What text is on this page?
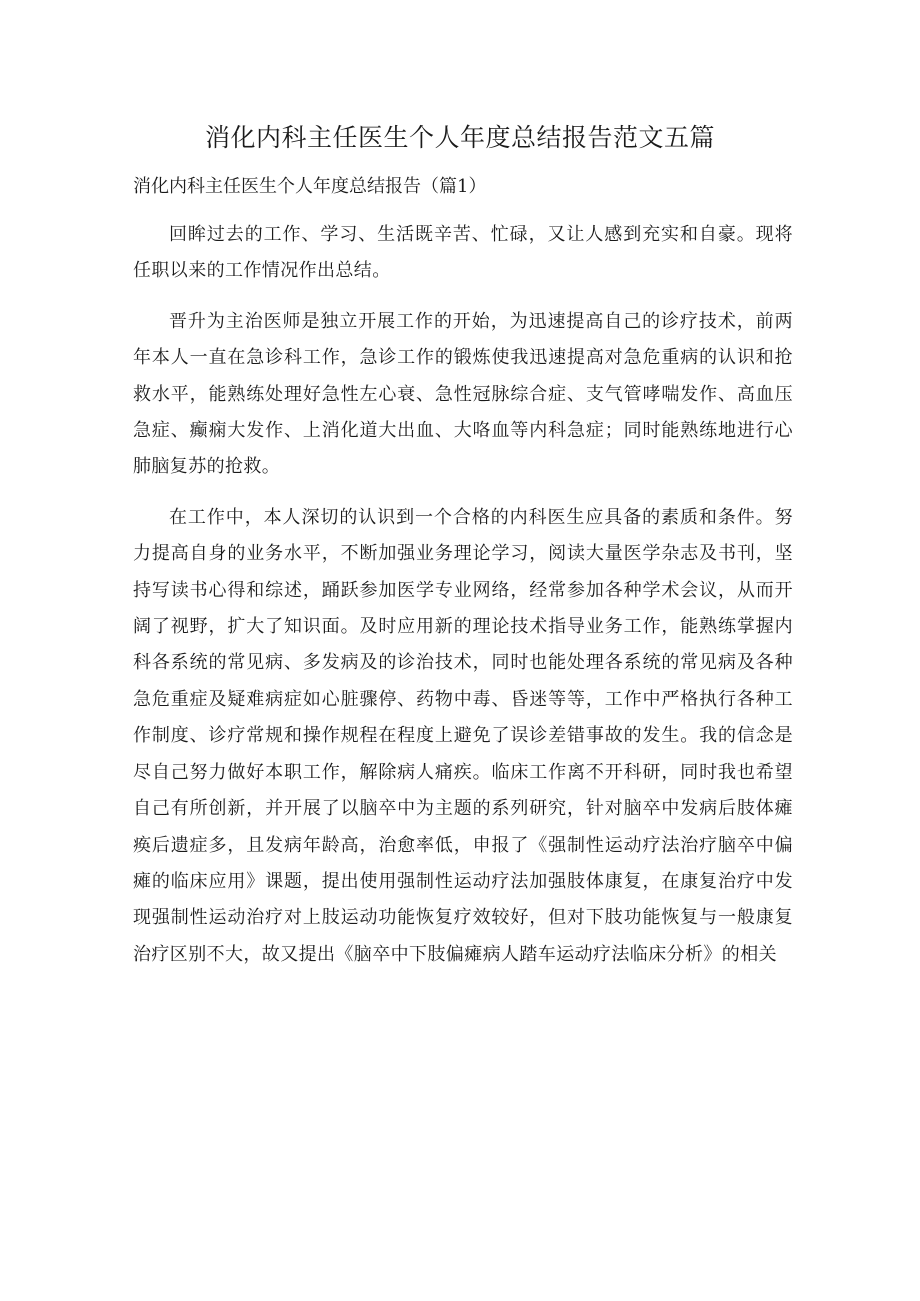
消化内科主任医生个人年度总结报告范文五篇
消化内科主任医生个人年度总结报告（篇1）

回眸过去的工作、学习、生活既辛苦、忙碌，又让人感到充实和自豪。现将任职以来的工作情况作出总结。

晋升为主治医师是独立开展工作的开始，为迅速提高自己的诊疗技术，前两年本人一直在急诊科工作，急诊工作的锻炼使我迅速提高对急危重病的认识和抢救水平，能熟练处理好急性左心衰、急性冠脉综合症、支气管哮喘发作、高血压急症、癫痫大发作、上消化道大出血、大咯血等内科急症；同时能熟练地进行心肺脑复苏的抢救。

在工作中，本人深切的认识到一个合格的内科医生应具备的素质和条件。努力提高自身的业务水平，不断加强业务理论学习，阅读大量医学杂志及书刊，坚持写读书心得和综述，踊跃参加医学专业网络，经常参加各种学术会议，从而开阔了视野，扩大了知识面。及时应用新的理论技术指导业务工作，能熟练掌握内科各系统的常见病、多发病及的诊治技术，同时也能处理各系统的常见病及各种急危重症及疑难病症如心脏骤停、药物中毒、昏迷等等，工作中严格执行各种工作制度、诊疗常规和操作规程在程度上避免了误诊差错事故的发生。我的信念是尽自己努力做好本职工作，解除病人痛疾。临床工作离不开科研，同时我也希望自己有所创新，并开展了以脑卒中为主题的系列研究，针对脑卒中发病后肢体瘫痪后遗症多，且发病年龄高，治愈率低，申报了《强制性运动疗法治疗脑卒中偏瘫的临床应用》课题，提出使用强制性运动疗法加强肢体康复，在康复治疗中发现强制性运动治疗对上肢运动功能恢复疗效较好，但对下肢功能恢复与一般康复治疗区别不大，故又提出《脑卒中下肢偏瘫病人踏车运动疗法临床分析》的相关
